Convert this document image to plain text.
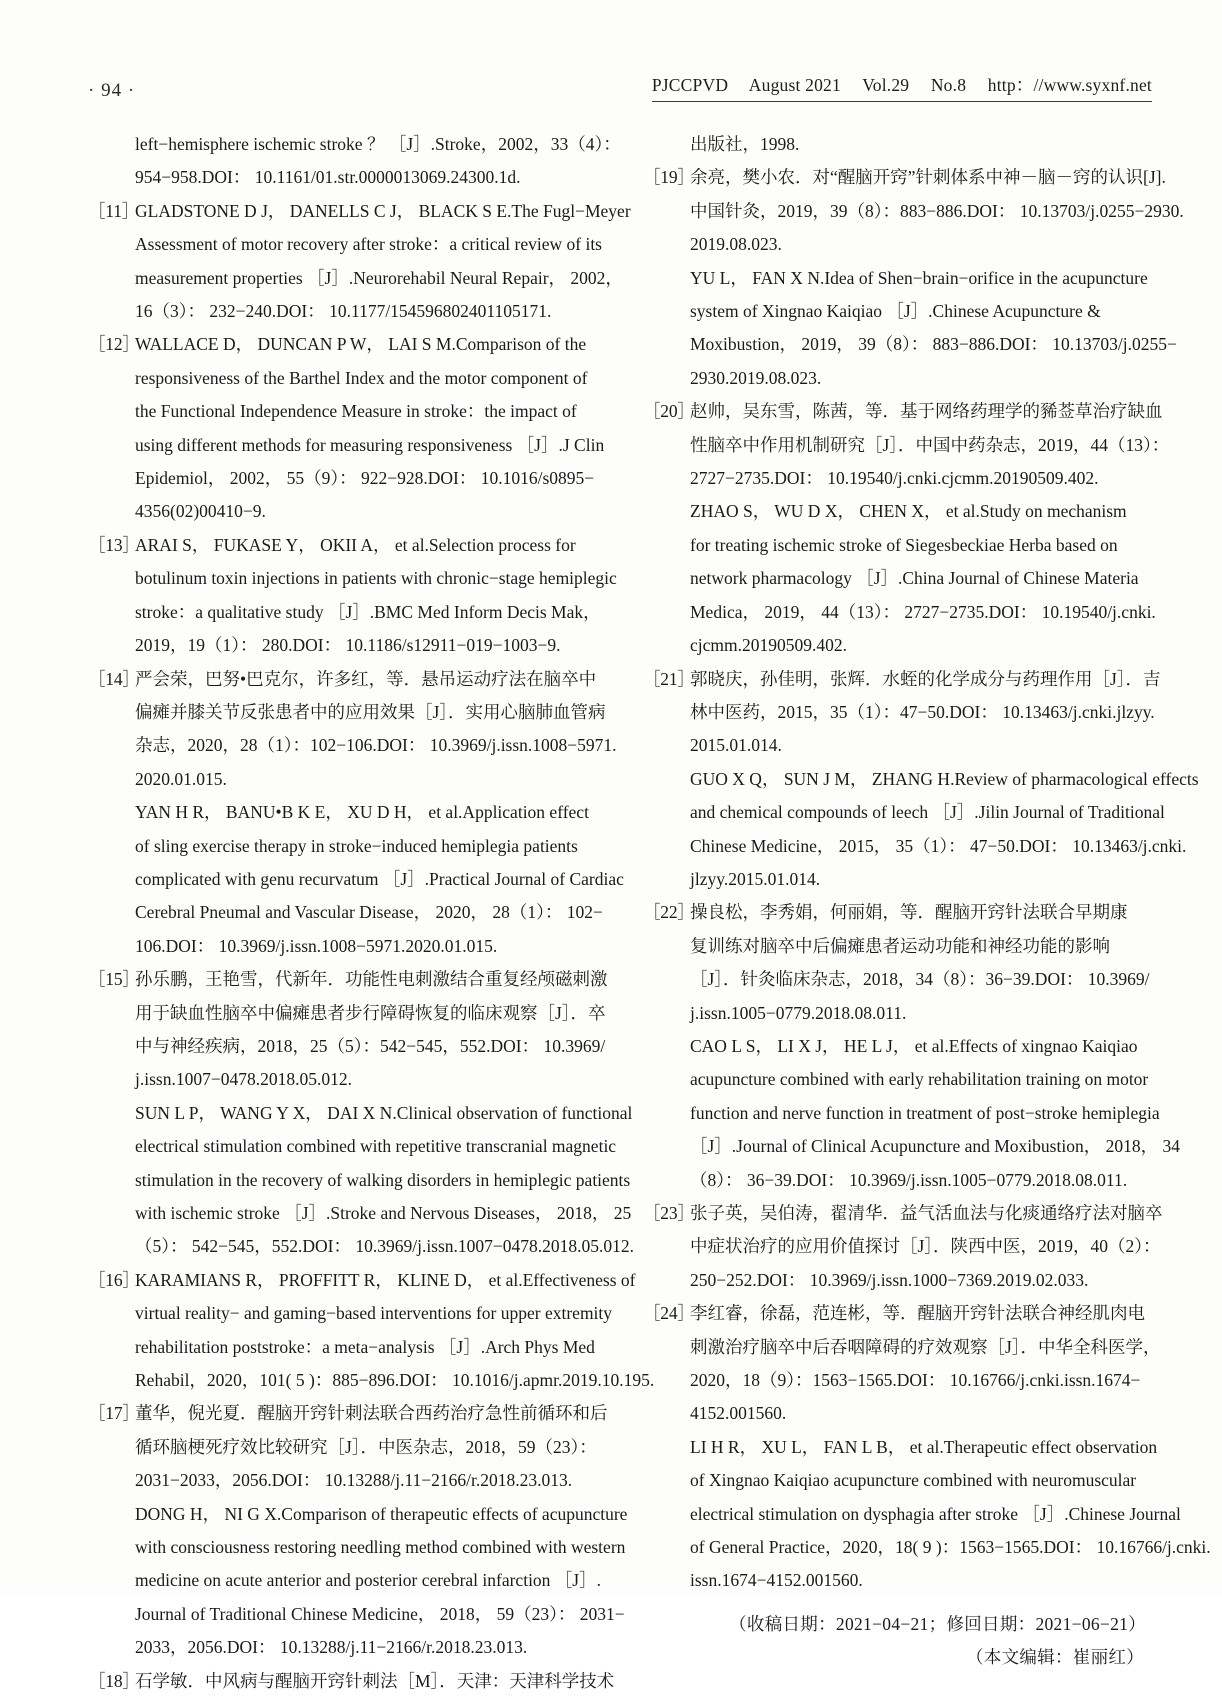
· 94 ·	PJCCPVD August 2021 Vol.29 No.8 http：//www.syxnf.net
left−hemisphere ischemic stroke ？ ［J］.Stroke，2002，33（4）：
954−958.DOI： 10.1161/01.str.0000013069.24300.1d.
［11］
GLADSTONE D J， DANELLS C J， BLACK S E.The Fugl−Meyer
Assessment of motor recovery after stroke：a critical review of its
measurement properties ［J］.Neurorehabil Neural Repair， 2002，
16（3）： 232−240.DOI： 10.1177/154596802401105171.
［12］
WALLACE D， DUNCAN P W， LAI S M.Comparison of the
responsiveness of the Barthel Index and the motor component of
the Functional Independence Measure in stroke：the impact of
using different methods for measuring responsiveness ［J］.J Clin
Epidemiol， 2002， 55（9）： 922−928.DOI： 10.1016/s0895−
4356(02)00410−9.
［13］
ARAI S， FUKASE Y， OKII A， et al.Selection process for
botulinum toxin injections in patients with chronic−stage hemiplegic
stroke：a qualitative study ［J］.BMC Med Inform Decis Mak，
2019，19（1）： 280.DOI： 10.1186/s12911−019−1003−9.
［14］
严会荣，巴努•巴克尔，许多红，等．悬吊运动疗法在脑卒中
偏瘫并膝关节反张患者中的应用效果［J］．实用心脑肺血管病
杂志，2020，28（1）：102−106.DOI： 10.3969/j.issn.1008−5971.
2020.01.015.
YAN H R， BANU•B K E， XU D H， et al.Application effect
of sling exercise therapy in stroke−induced hemiplegia patients
complicated with genu recurvatum ［J］.Practical Journal of Cardiac
Cerebral Pneumal and Vascular Disease， 2020， 28（1）： 102−
106.DOI： 10.3969/j.issn.1008−5971.2020.01.015.
［15］
孙乐鹏，王艳雪，代新年．功能性电刺激结合重复经颅磁刺激
用于缺血性脑卒中偏瘫患者步行障碍恢复的临床观察［J］．卒
中与神经疾病，2018，25（5）：542−545，552.DOI： 10.3969/
j.issn.1007−0478.2018.05.012.
SUN L P， WANG Y X， DAI X N.Clinical observation of functional
electrical stimulation combined with repetitive transcranial magnetic
stimulation in the recovery of walking disorders in hemiplegic patients
with ischemic stroke ［J］.Stroke and Nervous Diseases， 2018， 25
（5）： 542−545，552.DOI： 10.3969/j.issn.1007−0478.2018.05.012.
［16］
KARAMIANS R， PROFFITT R， KLINE D， et al.Effectiveness of
virtual reality− and gaming−based interventions for upper extremity
rehabilitation poststroke：a meta−analysis ［J］.Arch Phys Med
Rehabil，2020，101( 5 )：885−896.DOI： 10.1016/j.apmr.2019.10.195.
［17］
董华，倪光夏．醒脑开窍针刺法联合西药治疗急性前循环和后
循环脑梗死疗效比较研究［J］．中医杂志，2018，59（23）：
2031−2033，2056.DOI： 10.13288/j.11−2166/r.2018.23.013.
DONG H， NI G X.Comparison of therapeutic effects of acupuncture
with consciousness restoring needling method combined with western
medicine on acute anterior and posterior cerebral infarction ［J］.
Journal of Traditional Chinese Medicine， 2018， 59（23）： 2031−
2033，2056.DOI： 10.13288/j.11−2166/r.2018.23.013.
［18］
石学敏．中风病与醒脑开窍针刺法［M］．天津：天津科学技术
出版社，1998.
［19］
余亮，樊小农．对“醒脑开窍”针刺体系中神－脑－窍的认识[J].
中国针灸，2019，39（8）：883−886.DOI： 10.13703/j.0255−2930.
2019.08.023.
YU L， FAN X N.Idea of Shen−brain−orifice in the acupuncture
system of Xingnao Kaiqiao ［J］.Chinese Acupuncture &
Moxibustion， 2019， 39（8）： 883−886.DOI： 10.13703/j.0255−
2930.2019.08.023.
［20］
赵帅，吴东雪，陈茜，等．基于网络药理学的豨莶草治疗缺血
性脑卒中作用机制研究［J］．中国中药杂志，2019，44（13）：
2727−2735.DOI： 10.19540/j.cnki.cjcmm.20190509.402.
ZHAO S， WU D X， CHEN X， et al.Study on mechanism
for treating ischemic stroke of Siegesbeckiae Herba based on
network pharmacology ［J］.China Journal of Chinese Materia
Medica， 2019， 44（13）： 2727−2735.DOI： 10.19540/j.cnki.
cjcmm.20190509.402.
［21］
郭晓庆，孙佳明，张辉．水蛭的化学成分与药理作用［J］．吉
林中医药，2015，35（1）：47−50.DOI： 10.13463/j.cnki.jlzyy.
2015.01.014.
GUO X Q， SUN J M， ZHANG H.Review of pharmacological effects
and chemical compounds of leech ［J］.Jilin Journal of Traditional
Chinese Medicine， 2015， 35（1）： 47−50.DOI： 10.13463/j.cnki.
jlzyy.2015.01.014.
［22］
操良松，李秀娟，何丽娟，等．醒脑开窍针法联合早期康
复训练对脑卒中后偏瘫患者运动功能和神经功能的影响
［J］．针灸临床杂志，2018，34（8）：36−39.DOI： 10.3969/
j.issn.1005−0779.2018.08.011.
CAO L S， LI X J， HE L J， et al.Effects of xingnao Kaiqiao
acupuncture combined with early rehabilitation training on motor
function and nerve function in treatment of post−stroke hemiplegia
［J］.Journal of Clinical Acupuncture and Moxibustion， 2018， 34
（8）： 36−39.DOI： 10.3969/j.issn.1005−0779.2018.08.011.
［23］
张子英，吴伯涛，翟清华．益气活血法与化痰通络疗法对脑卒
中症状治疗的应用价值探讨［J］．陕西中医，2019，40（2）：
250−252.DOI： 10.3969/j.issn.1000−7369.2019.02.033.
［24］
李红睿，徐磊，范连彬，等．醒脑开窍针法联合神经肌肉电
刺激治疗脑卒中后吞咽障碍的疗效观察［J］．中华全科医学，
2020，18（9）：1563−1565.DOI： 10.16766/j.cnki.issn.1674−
4152.001560.
LI H R， XU L， FAN L B， et al.Therapeutic effect observation
of Xingnao Kaiqiao acupuncture combined with neuromuscular
electrical stimulation on dysphagia after stroke ［J］.Chinese Journal
of General Practice，2020，18( 9 )：1563−1565.DOI： 10.16766/j.cnki.
issn.1674−4152.001560.
（收稿日期：2021−04−21；修回日期：2021−06−21）
（本文编辑：崔丽红）
